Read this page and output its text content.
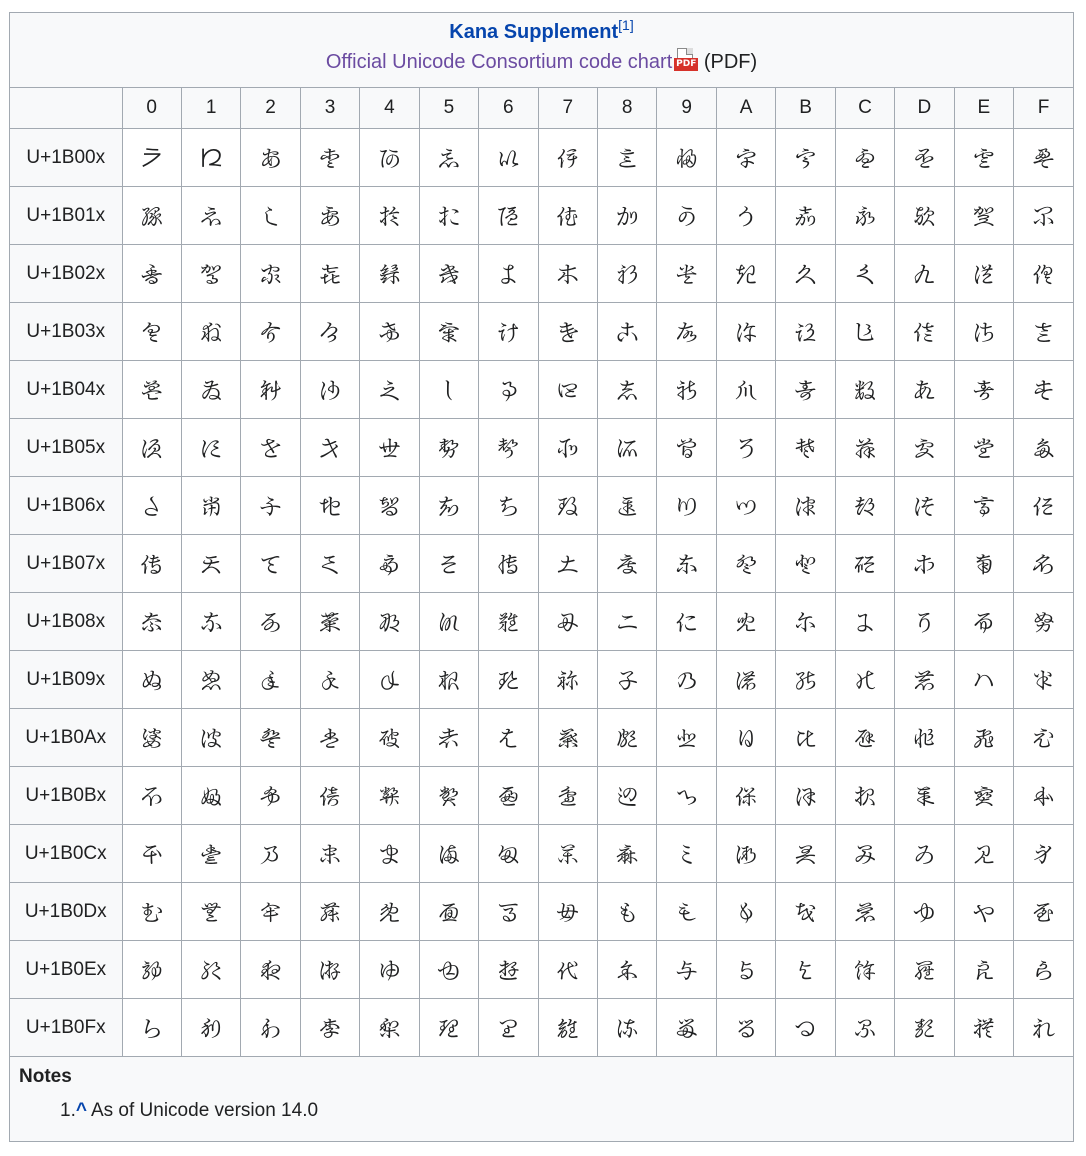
Kana Supplement[1]
Official Unicode Consortium code chart PDF (PDF)
	0	1	2	3	4	5	6	7	8	9	A	B	C	D	E	F
U+1B00x	𛀀	𛀁	𛀂	𛀃	𛀄	𛀅	𛀆	𛀇	𛀈	𛀉	𛀊	𛀋	𛀌	𛀍	𛀎	𛀏
U+1B01x	𛀐	𛀑	𛀒	𛀓	𛀔	𛀕	𛀖	𛀗	𛀘	𛀙	𛀚	𛀛	𛀜	𛀝	𛀞	𛀟
U+1B02x	𛀠	𛀡	𛀢	𛀣	𛀤	𛀥	𛀦	𛀧	𛀨	𛀩	𛀪	𛀫	𛀬	𛀭	𛀮	𛀯
U+1B03x	𛀰	𛀱	𛀲	𛀳	𛀴	𛀵	𛀶	𛀷	𛀸	𛀹	𛀺	𛀻	𛀼	𛀽	𛀾	𛀿
U+1B04x	𛁀	𛁁	𛁂	𛁃	𛁄	𛁅	𛁆	𛁇	𛁈	𛁉	𛁊	𛁋	𛁌	𛁍	𛁎	𛁏
U+1B05x	𛁐	𛁑	𛁒	𛁓	𛁔	𛁕	𛁖	𛁗	𛁘	𛁙	𛁚	𛁛	𛁜	𛁝	𛁞	𛁟
U+1B06x	𛁠	𛁡	𛁢	𛁣	𛁤	𛁥	𛁦	𛁧	𛁨	𛁩	𛁪	𛁫	𛁬	𛁭	𛁮	𛁯
U+1B07x	𛁰	𛁱	𛁲	𛁳	𛁴	𛁵	𛁶	𛁷	𛁸	𛁹	𛁺	𛁻	𛁼	𛁽	𛁾	𛁿
U+1B08x	𛂀	𛂁	𛂂	𛂃	𛂄	𛂅	𛂆	𛂇	𛂈	𛂉	𛂊	𛂋	𛂌	𛂍	𛂎	𛂏
U+1B09x	𛂐	𛂑	𛂒	𛂓	𛂔	𛂕	𛂖	𛂗	𛂘	𛂙	𛂚	𛂛	𛂜	𛂝	𛂞	𛂟
U+1B0Ax	𛂠	𛂡	𛂢	𛂣	𛂤	𛂥	𛂦	𛂧	𛂨	𛂩	𛂪	𛂫	𛂬	𛂭	𛂮	𛂯
U+1B0Bx	𛂰	𛂱	𛂲	𛂳	𛂴	𛂵	𛂶	𛂷	𛂸	𛂹	𛂺	𛂻	𛂼	𛂽	𛂾	𛂿
U+1B0Cx	𛃀	𛃁	𛃂	𛃃	𛃄	𛃅	𛃆	𛃇	𛃈	𛃉	𛃊	𛃋	𛃌	𛃍	𛃎	𛃏
U+1B0Dx	𛃐	𛃑	𛃒	𛃓	𛃔	𛃕	𛃖	𛃗	𛃘	𛃙	𛃚	𛃛	𛃜	𛃝	𛃞	𛃟
U+1B0Ex	𛃠	𛃡	𛃢	𛃣	𛃤	𛃥	𛃦	𛃧	𛃨	𛃩	𛃪	𛃫	𛃬	𛃭	𛃮	𛃯
U+1B0Fx	𛃰	𛃱	𛃲	𛃳	𛃴	𛃵	𛃶	𛃷	𛃸	𛃹	𛃺	𛃻	𛃼	𛃽	𛃾	𛃿
Notes
1.^ As of Unicode version 14.0
